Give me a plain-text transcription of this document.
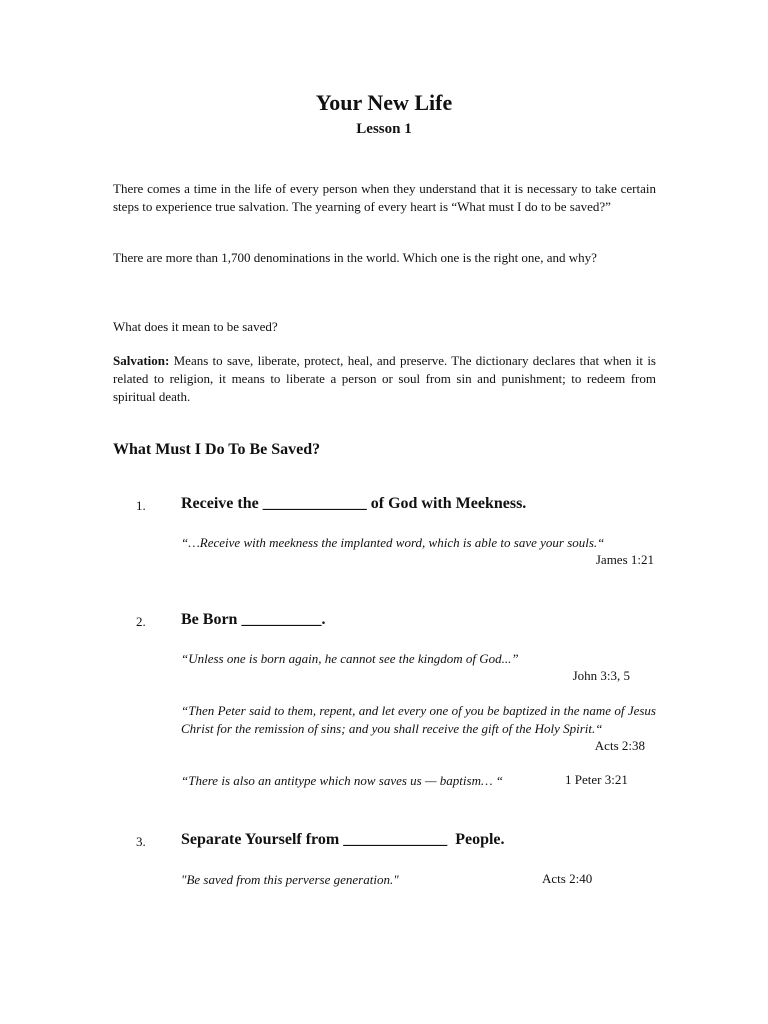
Your New Life
Lesson 1
There comes a time in the life of every person when they understand that it is necessary to take certain steps to experience true salvation. The yearning of every heart is “What must I do to be saved?”
There are more than 1,700 denominations in the world. Which one is the right one, and why?
What does it mean to be saved?
Salvation: Means to save, liberate, protect, heal, and preserve. The dictionary declares that when it is related to religion, it means to liberate a person or soul from sin and punishment; to redeem from spiritual death.
What Must I Do To Be Saved?
1. Receive the _____________ of God with Meekness.
“…Receive with meekness the implanted word, which is able to save your souls.“
James 1:21
2. Be Born __________.
“Unless one is born again, he cannot see the kingdom of God...”
John 3:3, 5
“Then Peter said to them, repent, and let every one of you be baptized in the name of Jesus Christ for the remission of sins; and you shall receive the gift of the Holy Spirit.“
Acts 2:38
“There is also an antitype which now saves us — baptism… “	1 Peter 3:21
3. Separate Yourself from _____________  People.
"Be saved from this perverse generation."	Acts 2:40
